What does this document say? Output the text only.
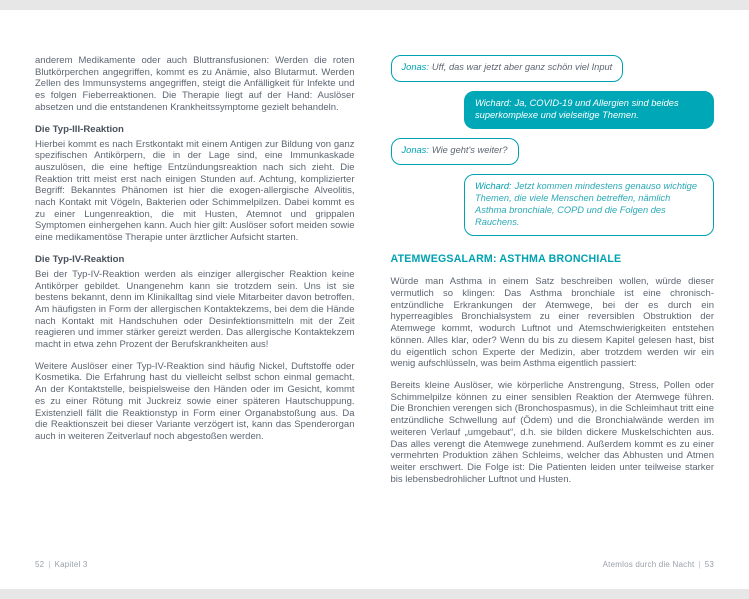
anderem Medikamente oder auch Bluttransfusionen: Werden die roten Blutkörperchen angegriffen, kommt es zu Anämie, also Blutarmut. Werden Zellen des Immunsystems angegriffen, steigt die Anfälligkeit für Infekte und es folgen Fieberreaktionen. Die Therapie liegt auf der Hand: Auslöser absetzen und die entstandenen Krankheitssymptome gezielt behandeln.

Die Typ-III-Reaktion

Hierbei kommt es nach Erstkontakt mit einem Antigen zur Bildung von ganz spezifischen Antikörpern, die in der Lage sind, eine Immunkaskade auszulösen, die eine heftige Entzündungsreaktion nach sich zieht. Die Reaktion tritt meist erst nach einigen Stunden auf. Achtung, komplizierter Begriff: Bekanntes Phänomen ist hier die exogen-allergische Alveolitis, nach Kontakt mit Vögeln, Bakterien oder Schimmelpilzen. Dabei kommt es zu einer Lungenreaktion, die mit Husten, Atemnot und grippalen Symptomen einhergehen kann. Auch hier gilt: Auslöser sofort meiden sowie eine medikamentöse Therapie unter ärztlicher Aufsicht starten.

Die Typ-IV-Reaktion

Bei der Typ-IV-Reaktion werden als einziger allergischer Reaktion keine Antikörper gebildet. Unangenehm kann sie trotzdem sein. Uns ist sie bestens bekannt, denn im Klinikalltag sind viele Mitarbeiter davon betroffen. Am häufigsten in Form der allergischen Kontaktekzems, bei dem die Hände nach Kontakt mit Handschuhen oder Desinfektionsmitteln mit der Zeit reagieren und immer stärker gereizt werden. Das allergische Kontaktekzem macht in etwa zehn Prozent der Berufskrankheiten aus!

Weitere Auslöser einer Typ-IV-Reaktion sind häufig Nickel, Duftstoffe oder Kosmetika. Die Erfahrung hast du vielleicht selbst schon einmal gemacht. An der Kontaktstelle, beispielsweise den Händen oder im Gesicht, kommt es zu einer Rötung mit Juckreiz sowie einer späteren Hautschuppung. Existenziell fällt die Reaktionstyp in Form einer Organabstoßung aus. Da die Reaktionszeit bei dieser Variante verzögert ist, kann das Spenderorgan auch in weiteren Zeitverlauf noch abgestoßen werden.

52 | Kapitel 3
Jonas: Uff, das war jetzt aber ganz schön viel Input
Wichard: Ja, COVID-19 und Allergien sind beides superkomplexe und vielseitige Themen.
Jonas: Wie geht's weiter?
Wichard: Jetzt kommen mindestens genauso wichtige Themen, die viele Menschen betreffen, nämlich Asthma bronchiale, COPD und die Folgen des Rauchens.
ATEMWEGSALARM: ASTHMA BRONCHIALE

Würde man Asthma in einem Satz beschreiben wollen, würde dieser vermutlich so klingen: Das Asthma bronchiale ist eine chronisch-entzündliche Erkrankungen der Atemwege, bei der es durch ein hyperreagibles Bronchialsystem zu einer reversiblen Obstruktion der Atemwege kommt, wodurch Luftnot und Atemschwierigkeiten entstehen können. Alles klar, oder? Wenn du bis zu diesem Kapitel gelesen hast, bist du eigentlich schon Experte der Medizin, aber trotzdem werden wir ein wenig aufschlüsseln, was beim Asthma eigentlich passiert:

Bereits kleine Auslöser, wie körperliche Anstrengung, Stress, Pollen oder Schimmelpilze können zu einer sensiblen Reaktion der Atemwege führen. Die Bronchien verengen sich (Bronchospasmus), in die Schleimhaut tritt eine entzündliche Schwellung auf (Ödem) und die Bronchialwände werden im weiteren Verlauf „umgebaut“, d.h. sie bilden dickere Muskelschichten aus. Das alles verengt die Atemwege zunehmend. Außerdem kommt es zu einer vermehrten Produktion zähen Schleims, welcher das Abhusten und Atmen weiter erschwert. Die Folge ist: Die Patienten leiden unter teilweise starker bis lebensbedrohlicher Luftnot und Husten.

Atemlos durch die Nacht | 53
